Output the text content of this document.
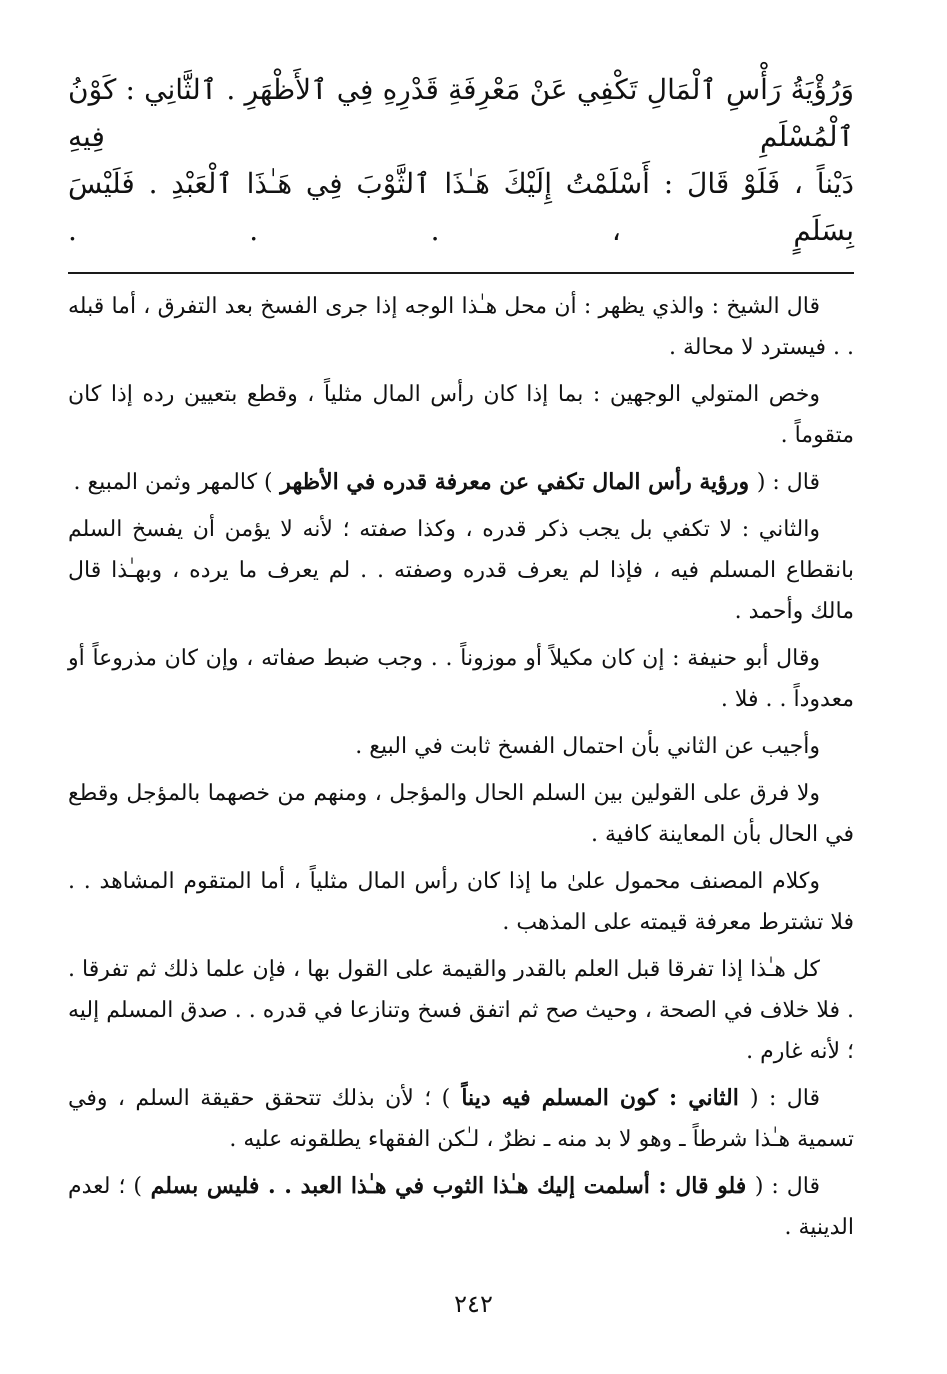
وَرُؤْيَةُ رَأْسِ ٱلْمَالِ تَكْفِي عَنْ مَعْرِفَةِ قَدْرِهِ فِي ٱلأَظْهَرِ . ٱلثَّانِي : كَوْنُ ٱلْمُسْلَمِ فِيهِ

دَيْناً ، فَلَوْ قَالَ : أَسْلَمْتُ إِلَيْكَ هَـٰذَا ٱلثَّوْبَ فِي هَـٰذَا ٱلْعَبْدِ . فَلَيْسَ بِسَلَمٍ ، . . .

قال الشيخ : والذي يظهر : أن محل هـٰذا الوجه إذا جرى الفسخ بعد التفرق ، أما قبله . . فيسترد لا محالة .

وخص المتولي الوجهين : بما إذا كان رأس المال مثلياً ، وقطع بتعيين رده إذا كان متقوماً .

قال : ( ورؤية رأس المال تكفي عن معرفة قدره في الأظهر ) كالمهر وثمن المبيع .

والثاني : لا تكفي بل يجب ذكر قدره ، وكذا صفته ؛ لأنه لا يؤمن أن يفسخ السلم بانقطاع المسلم فيه ، فإذا لم يعرف قدره وصفته . . لم يعرف ما يرده ، وبهـٰذا قال مالك وأحمد .

وقال أبو حنيفة : إن كان مكيلاً أو موزوناً . . وجب ضبط صفاته ، وإن كان مذروعاً أو معدوداً . . فلا .

وأجيب عن الثاني بأن احتمال الفسخ ثابت في البيع .

ولا فرق على القولين بين السلم الحال والمؤجل ، ومنهم من خصهما بالمؤجل وقطع في الحال بأن المعاينة كافية .

وكلام المصنف محمول علىٰ ما إذا كان رأس المال مثلياً ، أما المتقوم المشاهد . . فلا تشترط معرفة قيمته على المذهب .

كل هـٰذا إذا تفرقا قبل العلم بالقدر والقيمة على القول بها ، فإن علما ذلك ثم تفرقا . . فلا خلاف في الصحة ، وحيث صح ثم اتفق فسخ وتنازعا في قدره . . صدق المسلم إليه ؛ لأنه غارم .

قال : ( الثاني : كون المسلم فيه ديناً ) ؛ لأن بذلك تتحقق حقيقة السلم ، وفي تسمية هـٰذا شرطاً ـ وهو لا بد منه ـ نظرٌ ، لـٰكن الفقهاء يطلقونه عليه .

قال : ( فلو قال : أسلمت إليك هـٰذا الثوب في هـٰذا العبد . . فليس بسلم ) ؛ لعدم الدينية .

٢٤٢
